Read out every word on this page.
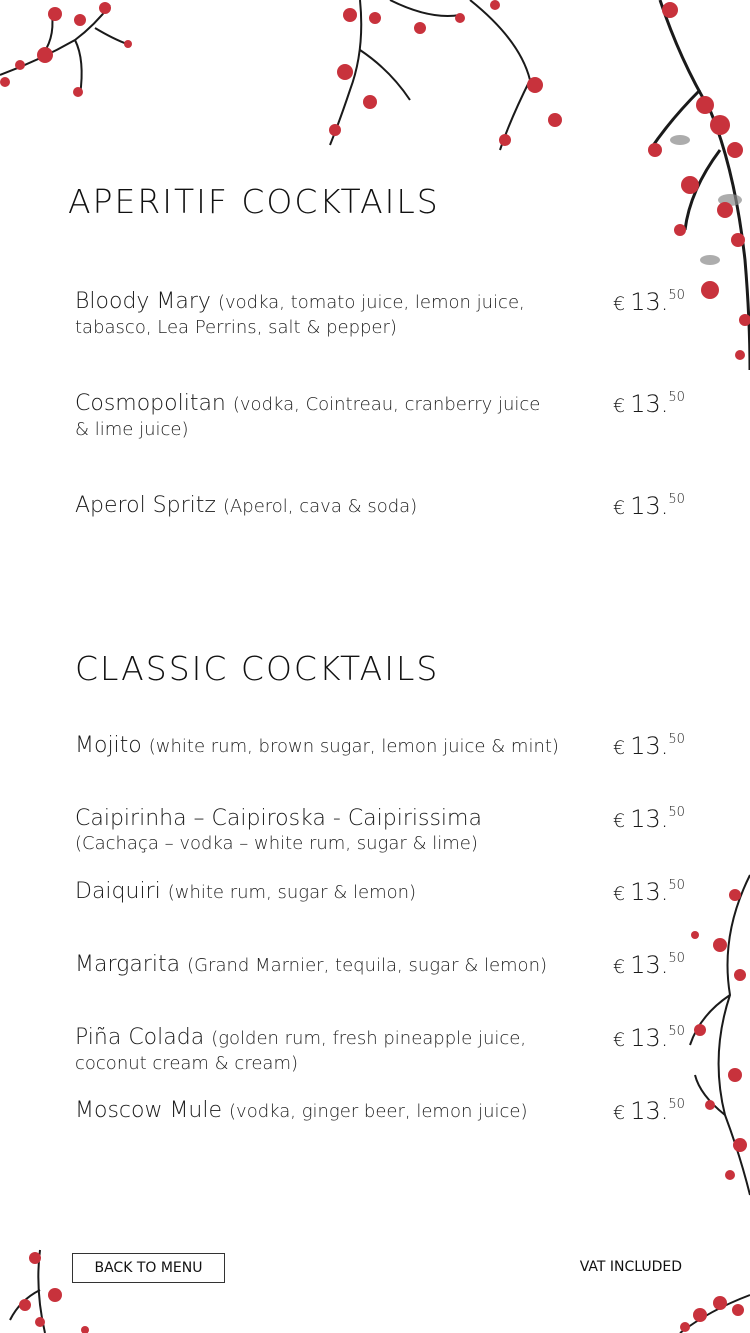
APERITIF COCKTAILS
Bloody Mary (vodka, tomato juice, lemon juice,
tabasco, Lea Perrins, salt & pepper)
€ 13.50
Cosmopolitan (vodka, Cointreau, cranberry juice
& lime juice)
€ 13.50
Aperol Spritz (Aperol, cava & soda)	€ 13.50
CLASSIC COCKTAILS
Mojito (white rum, brown sugar, lemon juice & mint)	€ 13.50
Caipirinha – Caipiroska - Caipirissima
(Cachaça – vodka – white rum, sugar & lime)
€ 13.50
Daiquiri (white rum, sugar & lemon)	€ 13.50
Margarita (Grand Marnier, tequila, sugar & lemon)	€ 13.50
Piña Colada (golden rum, fresh pineapple juice,
coconut cream & cream)
€ 13.50
Moscow Mule (vodka, ginger beer, lemon juice)	€ 13.50
BACK TO MENU	VAT INCLUDED
